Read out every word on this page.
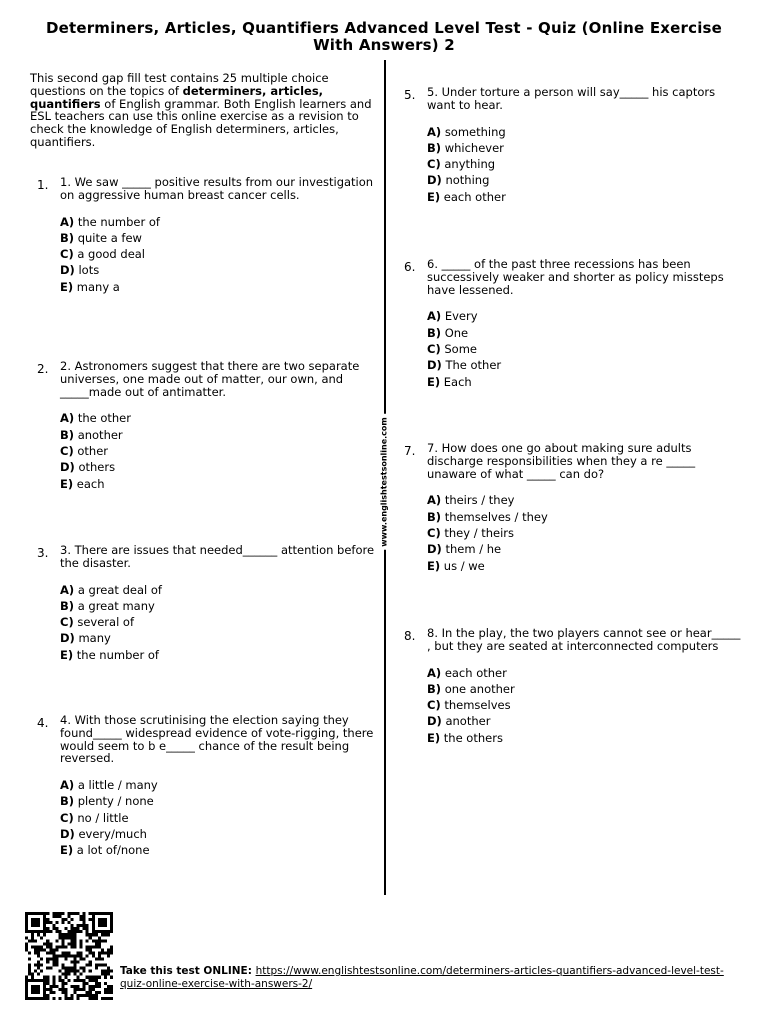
Determiners, Articles, Quantifiers Advanced Level Test - Quiz (Online Exercise With Answers) 2

This second gap fill test contains 25 multiple choice questions on the topics of determiners, articles, quantifiers of English grammar. Both English learners and ESL teachers can use this online exercise as a revision to check the knowledge of English determiners, articles, quantifiers.

1. 1. We saw _____ positive results from our investigation on aggressive human breast cancer cells.
A) the number of
B) quite a few
C) a good deal
D) lots
E) many a
2. 2. Astronomers suggest that there are two separate universes, one made out of matter, our own, and _____made out of antimatter.
A) the other
B) another
C) other
D) others
E) each
3. 3. There are issues that needed______ attention before the disaster.
A) a great deal of
B) a great many
C) several of
D) many
E) the number of
4. 4. With those scrutinising the election saying they found_____ widespread evidence of vote-rigging, there would seem to b e_____ chance of the result being reversed.
A) a little / many
B) plenty / none
C) no / little
D) every/much
E) a lot of/none
www.englishtestsonline.com
5. 5. Under torture a person will say_____ his captors want to hear.
A) something
B) whichever
C) anything
D) nothing
E) each other
6. 6. _____ of the past three recessions has been successively weaker and shorter as policy missteps have lessened.
A) Every
B) One
C) Some
D) The other
E) Each
7. 7. How does one go about making sure adults discharge responsibilities when they a re _____ unaware of what _____ can do?
A) theirs / they
B) themselves / they
C) they / theirs
D) them / he
E) us / we
8. 8. In the play, the two players cannot see or hear_____ , but they are seated at interconnected computers
A) each other
B) one another
C) themselves
D) another
E) the others
Take this test ONLINE: https://www.englishtestsonline.com/determiners-articles-quantifiers-advanced-level-test-quiz-online-exercise-with-answers-2/
